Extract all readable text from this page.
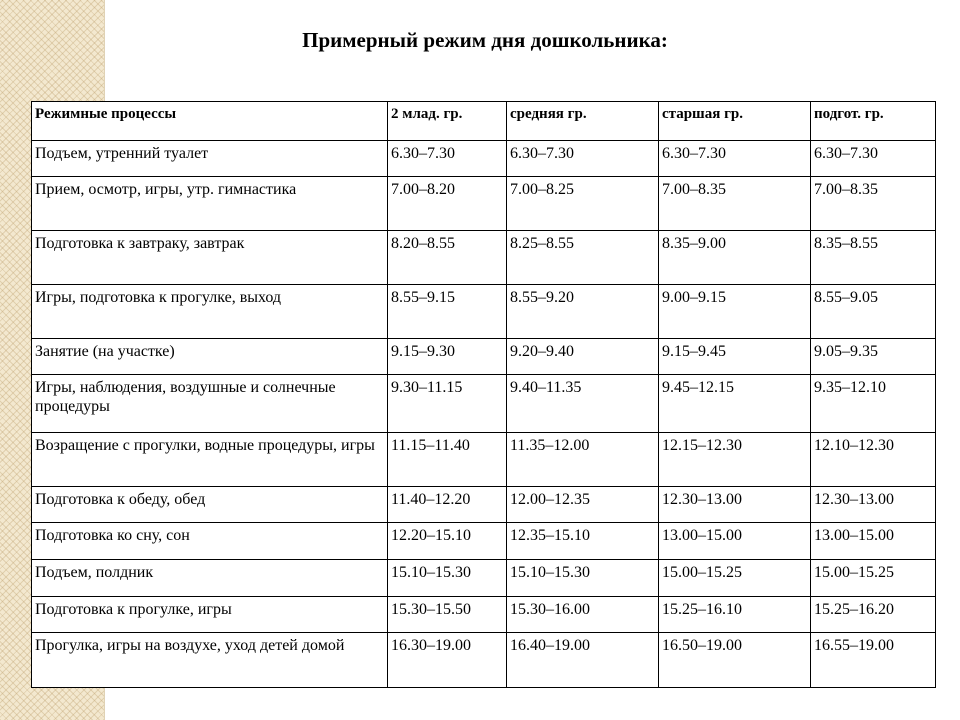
Примерный режим дня дошкольника:
Режимные процессы	2 млад. гр.	средняя гр.	старшая гр.	подгот. гр.
Подъем, утренний туалет	6.30–7.30	6.30–7.30	6.30–7.30	6.30–7.30
Прием, осмотр, игры, утр. гимнастика	7.00–8.20	7.00–8.25	7.00–8.35	7.00–8.35
Подготовка к завтраку, завтрак	8.20–8.55	8.25–8.55	8.35–9.00	8.35–8.55
Игры, подготовка к прогулке, выход	8.55–9.15	8.55–9.20	9.00–9.15	8.55–9.05
Занятие (на участке)	9.15–9.30	9.20–9.40	9.15–9.45	9.05–9.35
Игры, наблюдения, воздушные и солнечные процедуры	9.30–11.15	9.40–11.35	9.45–12.15	9.35–12.10
Возращение с прогулки, водные процедуры, игры	11.15–11.40	11.35–12.00	12.15–12.30	12.10–12.30
Подготовка к обеду, обед	11.40–12.20	12.00–12.35	12.30–13.00	12.30–13.00
Подготовка ко сну, сон	12.20–15.10	12.35–15.10	13.00–15.00	13.00–15.00
Подъем, полдник	15.10–15.30	15.10–15.30	15.00–15.25	15.00–15.25
Подготовка к прогулке, игры	15.30–15.50	15.30–16.00	15.25–16.10	15.25–16.20
Прогулка, игры на воздухе, уход детей домой	16.30–19.00	16.40–19.00	16.50–19.00	16.55–19.00
